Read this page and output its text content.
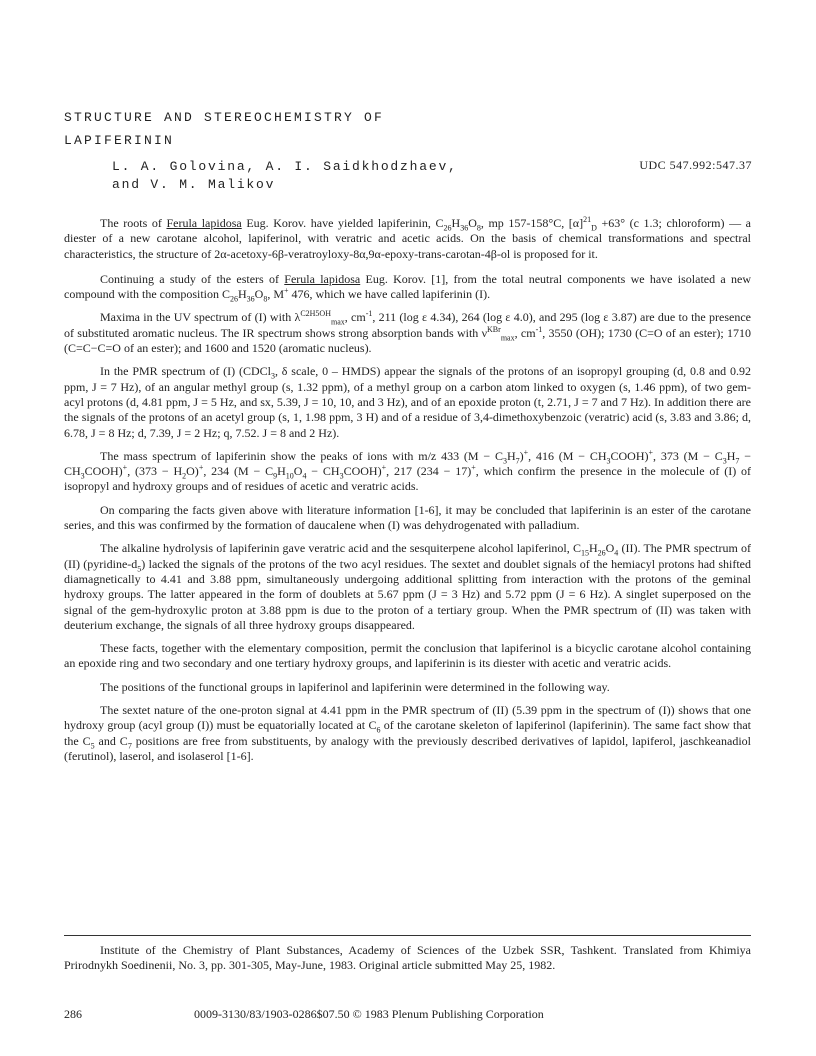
STRUCTURE AND STEREOCHEMISTRY OF
LAPIFERININ
L. A. Golovina, A. I. Saidkhodzhaev,
and V. M. Malikov
UDC 547.992:547.37

The roots of Ferula lapidosa Eug. Korov. have yielded lapiferinin, $C_{26}H_{36}O_8$, mp 157-158°C, $[\alpha]^{21}_D +63^\circ$ (c 1.3; chloroform) — a diester of a new carotane alcohol, lapiferinol, with veratric and acetic acids. On the basis of chemical transformations and spectral characteristics, the structure of 2α-acetoxy-6β-veratroyloxy-8α,9α-epoxy-trans-carotan-4β-ol is proposed for it.

Continuing a study of the esters of Ferula lapidosa Eug. Korov. [1], from the total neutral components we have isolated a new compound with the composition $C_{26}H_{36}O_8$, M+ 476, which we have called lapiferinin (I).

Maxima in the UV spectrum of (I) with $\lambda^{C2H5OH}_{max}$, $cm^{-1}$, 211 (log ε 4.34), 264 (log ε 4.0), and 295 (log ε 3.87) are due to the presence of substituted aromatic nucleus. The IR spectrum shows strong absorption bands with $\nu^{KBr}_{max}$, $cm^{-1}$, 3550 (OH); 1730 (C=O of an ester); 1710 (C=C−C=O of an ester); and 1600 and 1520 (aromatic nucleus).

In the PMR spectrum of (I) (CDCl$_3$, δ scale, 0 – HMDS) appear the signals of the protons of an isopropyl grouping (d, 0.8 and 0.92 ppm, J = 7 Hz), of an angular methyl group (s, 1.32 ppm), of a methyl group on a carbon atom linked to oxygen (s, 1.46 ppm), of two gem-acyl protons (d, 4.81 ppm, J = 5 Hz, and sx, 5.39, J = 10, 10, and 3 Hz), and of an epoxide proton (t, 2.71, J = 7 and 7 Hz). In addition there are the signals of the protons of an acetyl group (s, 1, 1.98 ppm, 3 H) and of a residue of 3,4-dimethoxybenzoic (veratric) acid (s, 3.83 and 3.86; d, 6.78, J = 8 Hz; d, 7.39, J = 2 Hz; q, 7.52. J = 8 and 2 Hz).

The mass spectrum of lapiferinin show the peaks of ions with m/z 433 $(M - C_3H_7)^+$, 416 $(M - CH_3COOH)^+$, 373 ($M - C_3H_7$ − $CH_3COOH)^+$, $(373 - H_2O)^+$, 234 ($M - C_9H_{10}O_4$ − $CH_3COOH)^+$, 217 (234 − 17)+, which confirm the presence in the molecule of (I) of isopropyl and hydroxy groups and of residues of acetic and veratric acids.

On comparing the facts given above with literature information [1-6], it may be concluded that lapiferinin is an ester of the carotane series, and this was confirmed by the formation of daucalene when (I) was dehydrogenated with palladium.

The alkaline hydrolysis of lapiferinin gave veratric acid and the sesquiterpene alcohol lapiferinol, $C_{15}H_{26}O_4$ (II). The PMR spectrum of (II) $(pyridine-d_5)$ lacked the signals of the protons of the two acyl residues. The sextet and doublet signals of the hemiacyl protons had shifted diamagnetically to 4.41 and 3.88 ppm, simultaneously undergoing additional splitting from interaction with the protons of the geminal hydroxy groups. The latter appeared in the form of doublets at 5.67 ppm (J = 3 Hz) and 5.72 ppm (J = 6 Hz). A singlet superposed on the signal of the gem-hydroxylic proton at 3.88 ppm is due to the proton of a tertiary group. When the PMR spectrum of (II) was taken with deuterium exchange, the signals of all three hydroxy groups disappeared.

These facts, together with the elementary composition, permit the conclusion that lapiferinol is a bicyclic carotane alcohol containing an epoxide ring and two secondary and one tertiary hydroxy groups, and lapiferinin is its diester with acetic and veratric acids.

The positions of the functional groups in lapiferinol and lapiferinin were determined in the following way.

The sextet nature of the one-proton signal at 4.41 ppm in the PMR spectrum of (II) (5.39 ppm in the spectrum of (I)) shows that one hydroxy group (acyl group (I)) must be equatorially located at $C_6$ of the carotane skeleton of lapiferinol (lapiferinin). The same fact show that the $C_5$ and $C_7$ positions are free from substituents, by analogy with the previously described derivatives of lapidol, lapiferol, jaschkeanadiol (ferutinol), laserol, and isolaserol [1-6].

Institute of the Chemistry of Plant Substances, Academy of Sciences of the Uzbek SSR, Tashkent. Translated from Khimiya Prirodnykh Soedinenii, No. 3, pp. 301-305, May-June, 1983. Original article submitted May 25, 1982.

286	0009-3130/83/1903-0286$07.50 © 1983 Plenum Publishing Corporation
